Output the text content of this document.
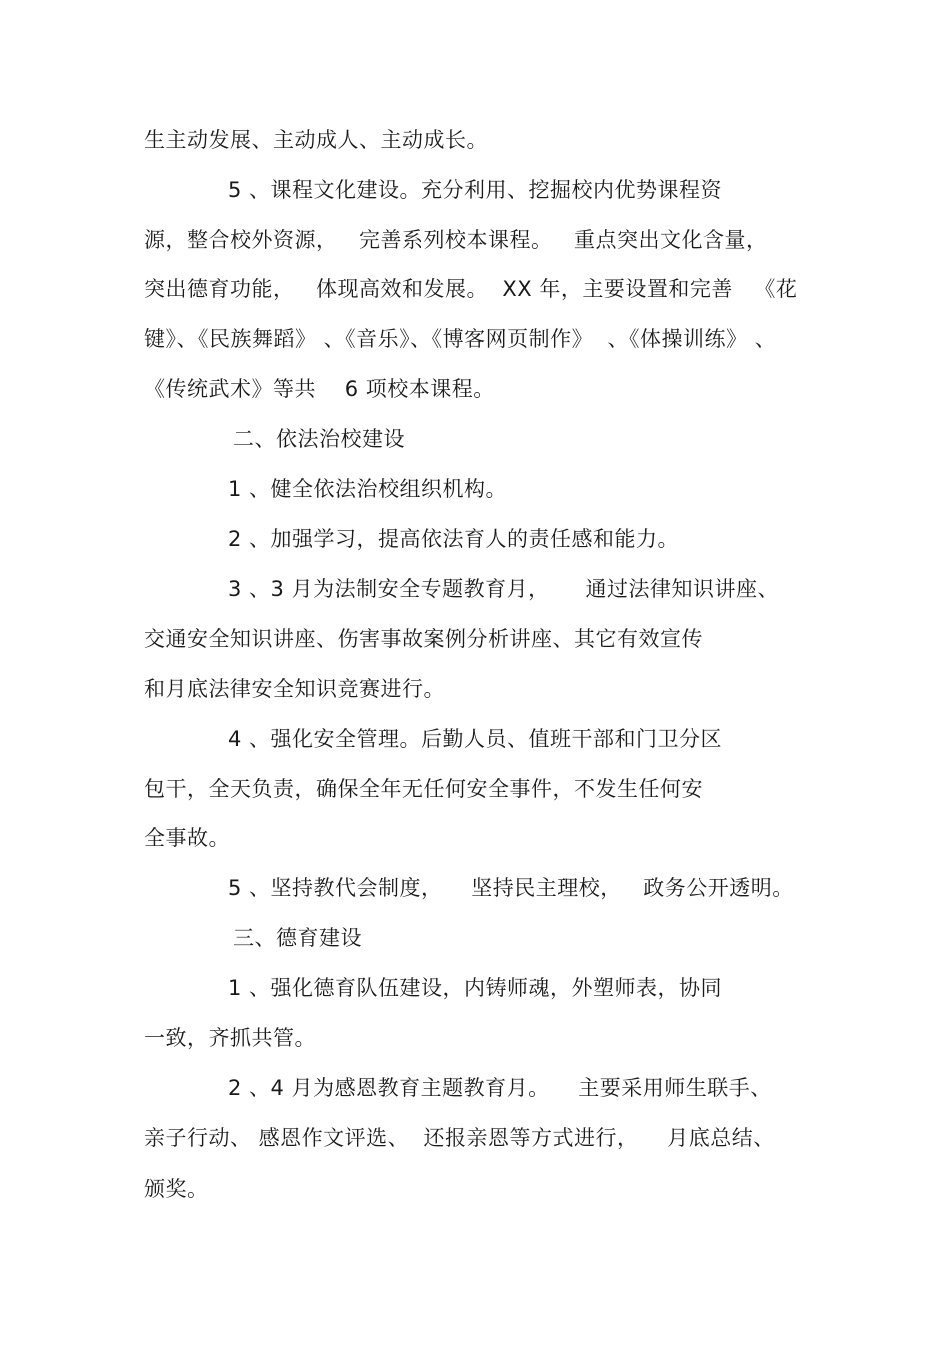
生主动发展、主动成人、主动成长。
5 、课程文化建设。充分利用、挖掘校内优势课程资
源，整合校外资源，   完善系列校本课程。   重点突出文化含量，
突出德育功能，   体现高效和发展。  XX 年，主要设置和完善   《花
键》、《民族舞蹈》 、《音乐》、《博客网页制作》  、《体操训练》 、
《传统武术》等共    6 项校本课程。
二、依法治校建设
1 、健全依法治校组织机构。
2 、加强学习，提高依法育人的责任感和能力。
3 、3 月为法制安全专题教育月，     通过法律知识讲座、
交通安全知识讲座、伤害事故案例分析讲座、其它有效宣传
和月底法律安全知识竞赛进行。
4 、强化安全管理。后勤人员、值班干部和门卫分区
包干，全天负责，确保全年无任何安全事件，不发生任何安
全事故。
5 、坚持教代会制度，    坚持民主理校，   政务公开透明。
三、德育建设
1 、强化德育队伍建设，内铸师魂，外塑师表，协同
一致，齐抓共管。
2 、4 月为感恩教育主题教育月。    主要采用师生联手、
亲子行动、 感恩作文评选、  还报亲恩等方式进行，    月底总结、
颁奖。
